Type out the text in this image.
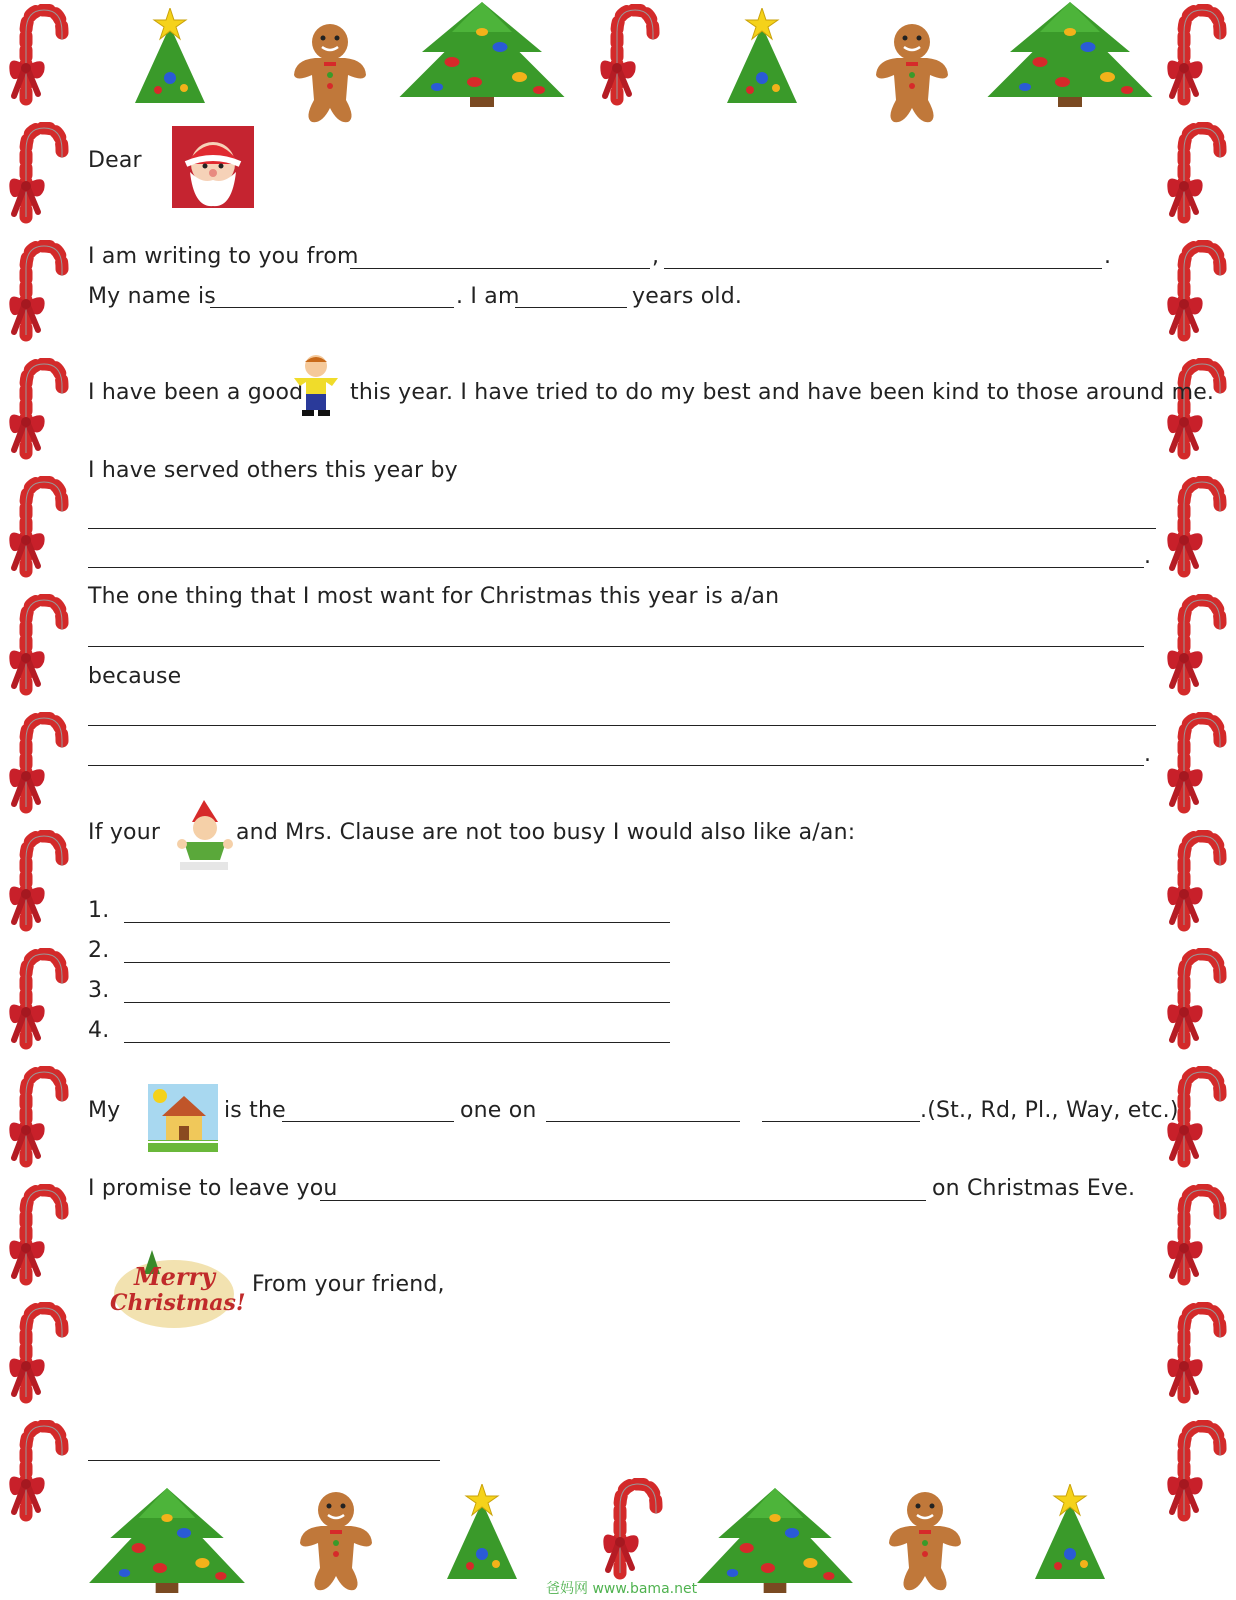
Dear
I am writing to you from	,	.
My name is	. I am	years old.
I have been a good this year. I have tried to do my best and have been kind to those around me.
I have served others this year by
.
The one thing that I most want for Christmas this year is a/an
because
.
If your	and Mrs. Clause are not too busy I would also like a/an:
1.
2.
3.
4.
My	is the	one on	.(St., Rd, Pl., Way, etc.)
I promise to leave you	on Christmas Eve.
Merry
Christmas!
From your friend,
爸妈网 www.bama.net
